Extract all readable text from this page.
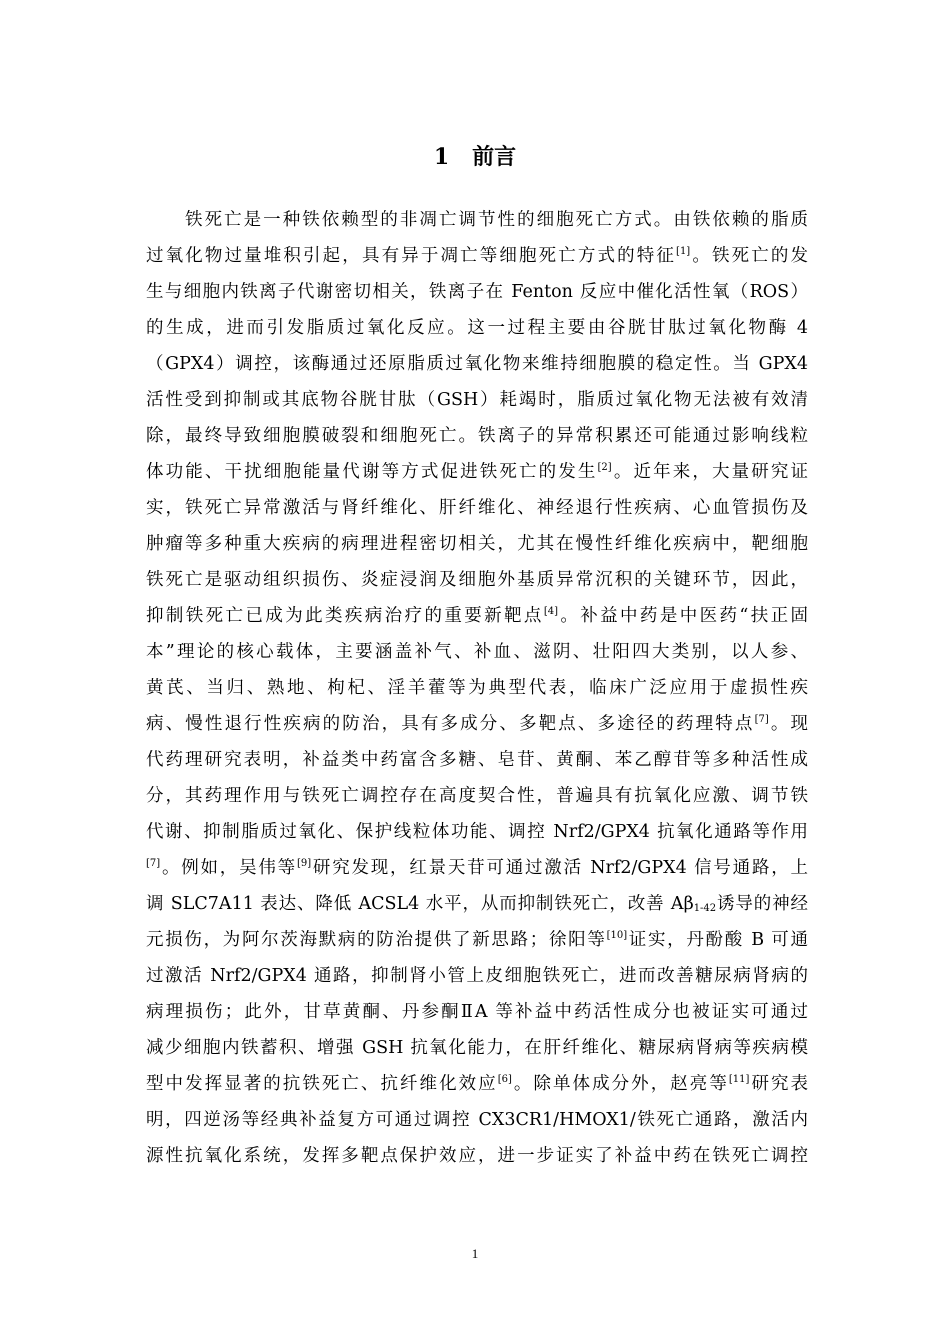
1   前言
　　铁死亡是一种铁依赖型的非凋亡调节性的细胞死亡方式。由铁依赖的脂质
过氧化物过量堆积引起，具有异于凋亡等细胞死亡方式的特征[1]。铁死亡的发
生与细胞内铁离子代谢密切相关，铁离子在 Fenton 反应中催化活性氧（ROS）
的生成，进而引发脂质过氧化反应。这一过程主要由谷胱甘肽过氧化物酶 4
（GPX4）调控，该酶通过还原脂质过氧化物来维持细胞膜的稳定性。当 GPX4
活性受到抑制或其底物谷胱甘肽（GSH）耗竭时，脂质过氧化物无法被有效清
除，最终导致细胞膜破裂和细胞死亡。铁离子的异常积累还可能通过影响线粒
体功能、干扰细胞能量代谢等方式促进铁死亡的发生[2]。近年来，大量研究证
实，铁死亡异常激活与肾纤维化、肝纤维化、神经退行性疾病、心血管损伤及
肿瘤等多种重大疾病的病理进程密切相关，尤其在慢性纤维化疾病中，靶细胞
铁死亡是驱动组织损伤、炎症浸润及细胞外基质异常沉积的关键环节，因此，
抑制铁死亡已成为此类疾病治疗的重要新靶点[4]。补益中药是中医药“扶正固
本”理论的核心载体，主要涵盖补气、补血、滋阴、壮阳四大类别，以人参、
黄芪、当归、熟地、枸杞、淫羊藿等为典型代表，临床广泛应用于虚损性疾
病、慢性退行性疾病的防治，具有多成分、多靶点、多途径的药理特点[7]。现
代药理研究表明，补益类中药富含多糖、皂苷、黄酮、苯乙醇苷等多种活性成
分，其药理作用与铁死亡调控存在高度契合性，普遍具有抗氧化应激、调节铁
代谢、抑制脂质过氧化、保护线粒体功能、调控 Nrf2/GPX4 抗氧化通路等作用
[7]。例如，吴伟等[9]研究发现，红景天苷可通过激活 Nrf2/GPX4 信号通路，上
调 SLC7A11 表达、降低 ACSL4 水平，从而抑制铁死亡，改善 $A\beta_{1-42}$诱导的神经
元损伤，为阿尔茨海默病的防治提供了新思路；徐阳等[10]证实，丹酚酸 B 可通
过激活 Nrf2/GPX4 通路，抑制肾小管上皮细胞铁死亡，进而改善糖尿病肾病的
病理损伤；此外，甘草黄酮、丹参酮ⅡA 等补益中药活性成分也被证实可通过
减少细胞内铁蓄积、增强 GSH 抗氧化能力，在肝纤维化、糖尿病肾病等疾病模
型中发挥显著的抗铁死亡、抗纤维化效应[6]。除单体成分外，赵亮等[11]研究表
明，四逆汤等经典补益复方可通过调控 CX3CR1/HMOX1/铁死亡通路，激活内
源性抗氧化系统，发挥多靶点保护效应，进一步证实了补益中药在铁死亡调控
1
